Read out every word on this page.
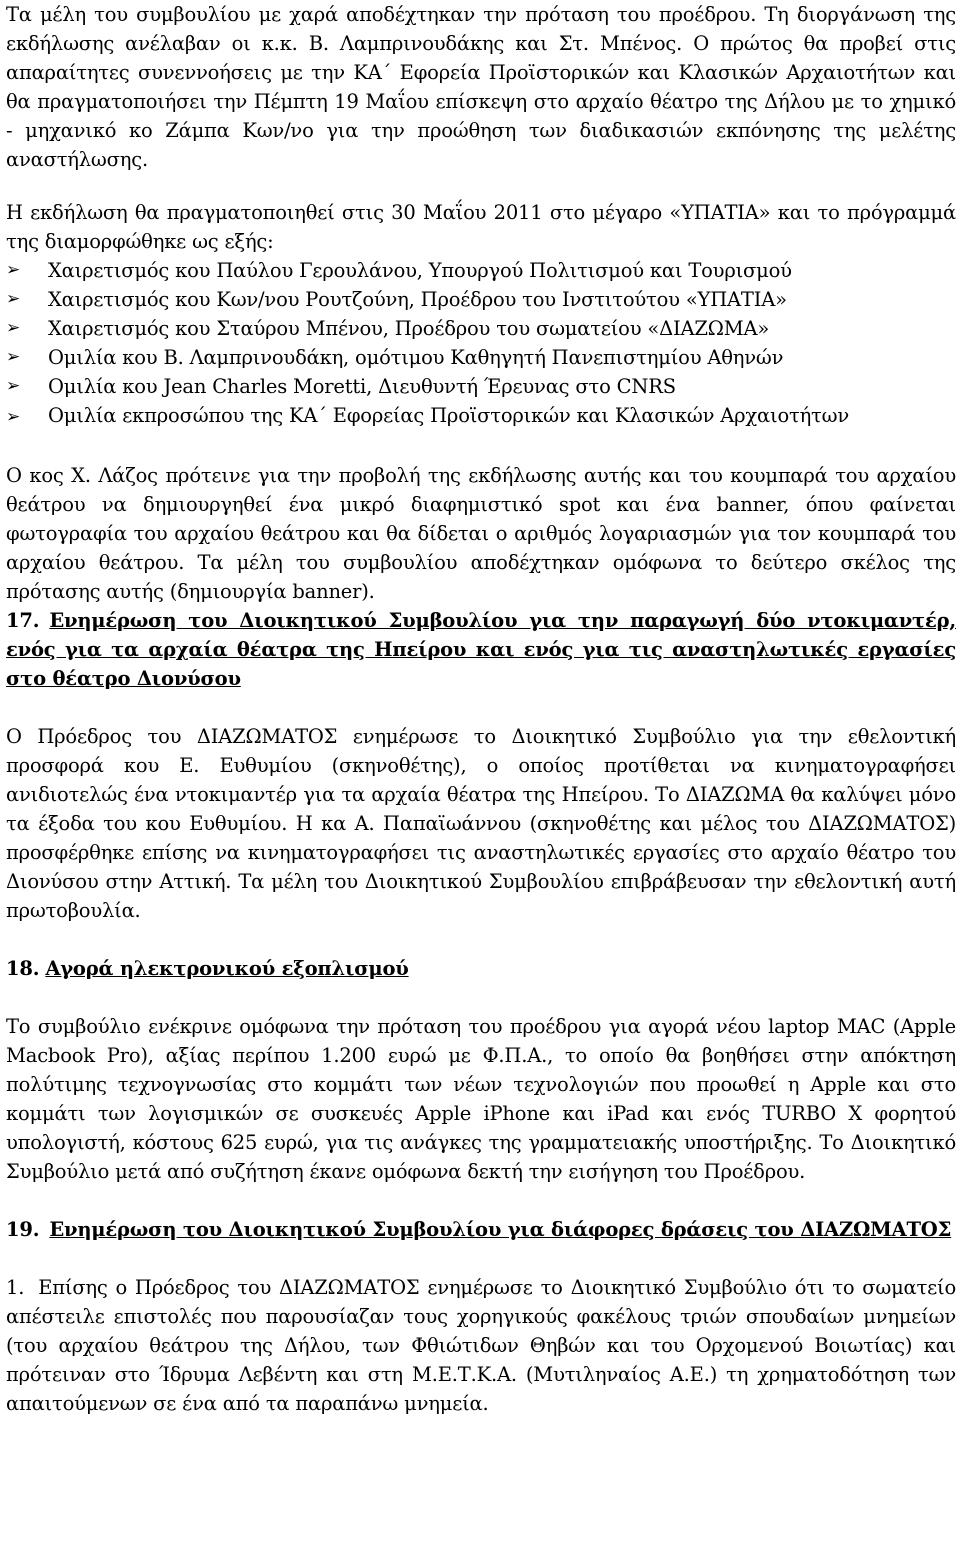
Τα μέλη του συμβουλίου με χαρά αποδέχτηκαν την πρόταση του προέδρου. Τη διοργάνωση της εκδήλωσης ανέλαβαν οι κ.κ. Β. Λαμπρινουδάκης και Στ. Μπένος. Ο πρώτος θα προβεί στις απαραίτητες συνεννοήσεις με την ΚΑ΄ Εφορεία Προϊστορικών και Κλασικών Αρχαιοτήτων και θα πραγματοποιήσει την Πέμπτη 19 Μαΐου επίσκεψη στο αρχαίο θέατρο της Δήλου με το χημικό - μηχανικό κο Ζάμπα Κων/νο για την προώθηση των διαδικασιών εκπόνησης της μελέτης αναστήλωσης.

Η εκδήλωση θα πραγματοποιηθεί στις 30 Μαΐου 2011 στο μέγαρο «ΥΠΑΤΙΑ» και το πρόγραμμά της διαμορφώθηκε ως εξής:

➢	Χαιρετισμός κου Παύλου Γερουλάνου, Υπουργού Πολιτισμού και Τουρισμού
➢	Χαιρετισμός κου Κων/νου Ρουτζούνη, Προέδρου του Ινστιτούτου «ΥΠΑΤΙΑ»
➢	Χαιρετισμός κου Σταύρου Μπένου, Προέδρου του σωματείου «ΔΙΑΖΩΜΑ»
➢	Ομιλία κου Β. Λαμπρινουδάκη, ομότιμου Καθηγητή Πανεπιστημίου Αθηνών
➢	Ομιλία κου Jean Charles Moretti, Διευθυντή Έρευνας στο CNRS
➢ Ομιλία εκπροσώπου της ΚΑ΄ Εφορείας Προϊστορικών και Κλασικών Αρχαιοτήτων

Ο κος Χ. Λάζος πρότεινε για την προβολή της εκδήλωσης αυτής και του κουμπαρά του αρχαίου θεάτρου να δημιουργηθεί ένα μικρό διαφημιστικό spot και ένα banner, όπου φαίνεται φωτογραφία του αρχαίου θεάτρου και θα δίδεται ο αριθμός λογαριασμών για τον κουμπαρά του αρχαίου θεάτρου. Τα μέλη του συμβουλίου αποδέχτηκαν ομόφωνα το δεύτερο σκέλος της πρότασης αυτής (δημιουργία banner).

17. Ενημέρωση του Διοικητικού Συμβουλίου για την παραγωγή δύο ντοκιμαντέρ, ενός για τα αρχαία θέατρα της Ηπείρου και ενός για τις αναστηλωτικές εργασίες στο θέατρο Διονύσου

Ο Πρόεδρος του ΔΙΑΖΩΜΑΤΟΣ ενημέρωσε το Διοικητικό Συμβούλιο για την εθελοντική προσφορά κου Ε. Ευθυμίου (σκηνοθέτης), ο οποίος προτίθεται να κινηματογραφήσει ανιδιοτελώς ένα ντοκιμαντέρ για τα αρχαία θέατρα της Ηπείρου. Το ΔΙΑΖΩΜΑ θα καλύψει μόνο τα έξοδα του κου Ευθυμίου. Η κα Α. Παπαϊωάννου (σκηνοθέτης και μέλος του ΔΙΑΖΩΜΑΤΟΣ) προσφέρθηκε επίσης να κινηματογραφήσει τις αναστηλωτικές εργασίες στο αρχαίο θέατρο του Διονύσου στην Αττική. Τα μέλη του Διοικητικού Συμβουλίου επιβράβευσαν την εθελοντική αυτή πρωτοβουλία.

18. Αγορά ηλεκτρονικού εξοπλισμού

Το συμβούλιο ενέκρινε ομόφωνα την πρόταση του προέδρου για αγορά νέου laptop MAC (Apple Macbook Pro), αξίας περίπου 1.200 ευρώ με Φ.Π.Α., το οποίο θα βοηθήσει στην απόκτηση πολύτιμης τεχνογνωσίας στο κομμάτι των νέων τεχνολογιών που προωθεί η Apple και στο κομμάτι των λογισμικών σε συσκευές Apple iPhone και iPad και ενός TURBO X φορητού υπολογιστή, κόστους 625 ευρώ, για τις ανάγκες της γραμματειακής υποστήριξης. Το Διοικητικό Συμβούλιο μετά από συζήτηση έκανε ομόφωνα δεκτή την εισήγηση του Προέδρου.

19. Ενημέρωση του Διοικητικού Συμβουλίου για διάφορες δράσεις του ΔΙΑΖΩΜΑΤΟΣ

1. Επίσης ο Πρόεδρος του ΔΙΑΖΩΜΑΤΟΣ ενημέρωσε το Διοικητικό Συμβούλιο ότι το σωματείο απέστειλε επιστολές που παρουσίαζαν τους χορηγικούς φακέλους τριών σπουδαίων μνημείων (του αρχαίου θεάτρου της Δήλου, των Φθιώτιδων Θηβών και του Ορχομενού Βοιωτίας) και πρότειναν στο Ίδρυμα Λεβέντη και στη Μ.Ε.Τ.Κ.Α. (Μυτιληναίος Α.Ε.) τη χρηματοδότηση των απαιτούμενων σε ένα από τα παραπάνω μνημεία.
